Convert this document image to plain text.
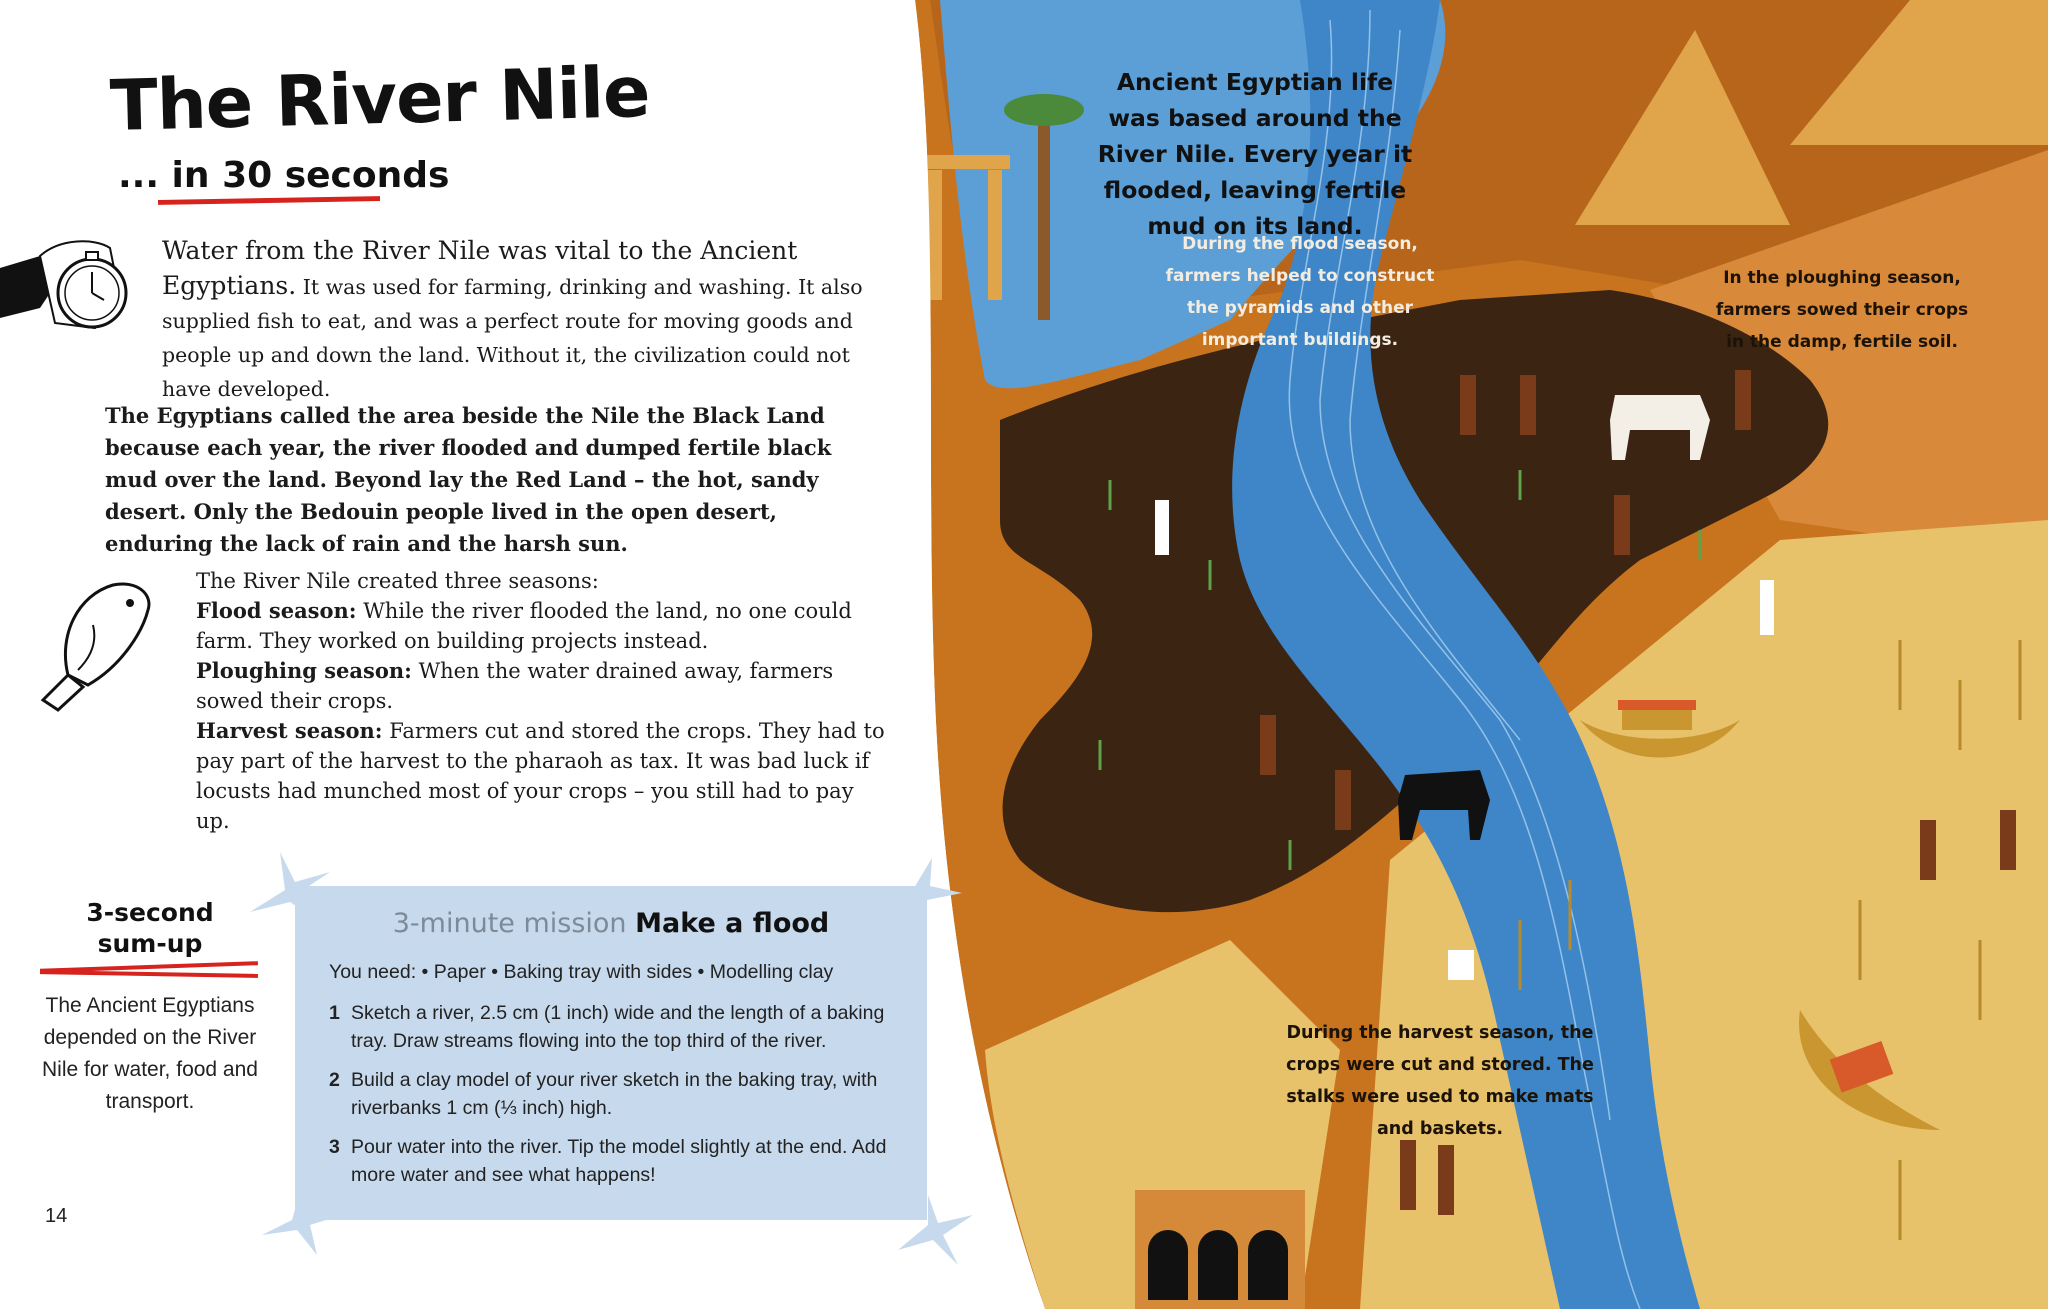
Ancient Egyptian life was based around the River Nile. Every year it flooded, leaving fertile mud on its land.
During the flood season, farmers helped to construct the pyramids and other important buildings.
In the ploughing season, farmers sowed their crops in the damp, fertile soil.
During the harvest season, the crops were cut and stored. The stalks were used to make mats and baskets.
The River Nile
... in 30 seconds
Water from the River Nile was vital to the Ancient Egyptians. It was used for farming, drinking and washing. It also supplied fish to eat, and was a perfect route for moving goods and people up and down the land. Without it, the civilization could not have developed.
The Egyptians called the area beside the Nile the Black Land because each year, the river flooded and dumped fertile black mud over the land. Beyond lay the Red Land – the hot, sandy desert. Only the Bedouin people lived in the open desert, enduring the lack of rain and the harsh sun.
The River Nile created three seasons:
Flood season: While the river flooded the land, no one could farm. They worked on building projects instead.
Ploughing season: When the water drained away, farmers sowed their crops.
Harvest season: Farmers cut and stored the crops. They had to pay part of the harvest to the pharaoh as tax. It was bad luck if locusts had munched most of your crops – you still had to pay up.
3-second
sum-up
The Ancient Egyptians depended on the River Nile for water, food and transport.
14
3-minute mission Make a flood
You need: • Paper • Baking tray with sides • Modelling clay
1 Sketch a river, 2.5 cm (1 inch) wide and the length of a baking tray. Draw streams flowing into the top third of the river.
2 Build a clay model of your river sketch in the baking tray, with riverbanks 1 cm (⅓ inch) high.
3 Pour water into the river. Tip the model slightly at the end. Add more water and see what happens!
